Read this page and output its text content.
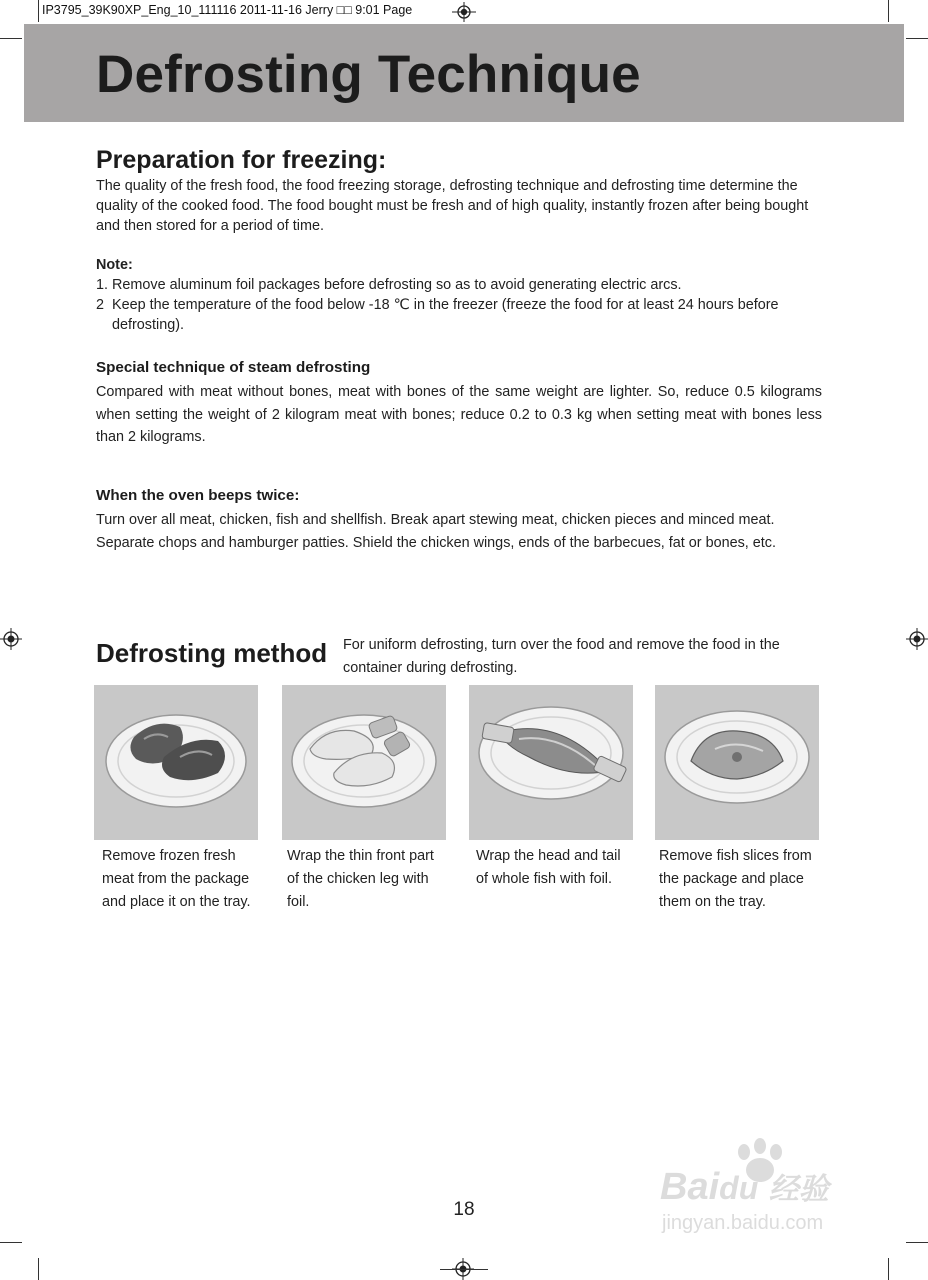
IP3795_39K90XP_Eng_10_111116 2011-11-16 Jerry □□ 9:01 Page
Defrosting Technique
Preparation for freezing:

The quality of the fresh food, the food freezing storage, defrosting technique and defrosting time determine the quality of the cooked food. The food bought must be fresh and of high quality, instantly frozen after being bought and then stored for a period of time.

Note:

1. Remove aluminum foil packages before defrosting so as to avoid generating electric arcs.
2 Keep the temperature of the food below -18 ℃ in the freezer (freeze the food for at least 24 hours before defrosting).
Special technique of steam defrosting

Compared with meat without bones, meat with bones of the same weight are lighter. So, reduce 0.5 kilograms when setting the weight of 2 kilogram meat with bones; reduce 0.2 to 0.3 kg when setting meat with bones less than 2 kilograms.

When the oven beeps twice:

Turn over all meat, chicken, fish and shellfish. Break apart stewing meat, chicken pieces and minced meat. Separate chops and hamburger patties. Shield the chicken wings, ends of the barbecues, fat or bones, etc.

Defrosting method For uniform defrosting, turn over the food and remove the food in the container during defrosting.

Remove frozen fresh meat from the package and place it on the tray.

Wrap the thin front part of the chicken leg with foil.

Wrap the head and tail of whole fish with foil.

Remove fish slices from the package and place them on the tray.

18
Baidu 经验
jingyan.baidu.com
